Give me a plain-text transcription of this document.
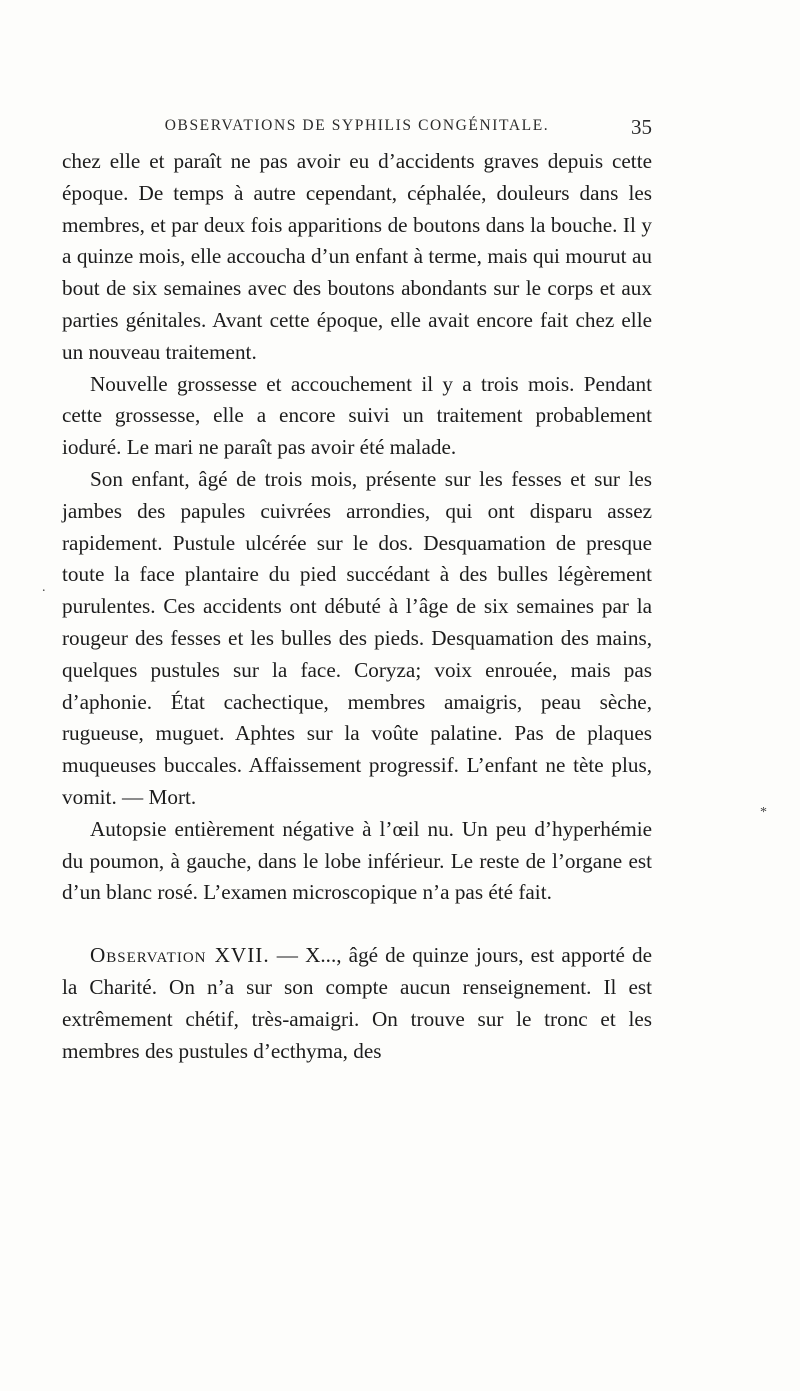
OBSERVATIONS DE SYPHILIS CONGÉNITALE.	35

chez elle et paraît ne pas avoir eu d’accidents graves depuis cette époque. De temps à autre cependant, céphalée, douleurs dans les membres, et par deux fois apparitions de boutons dans la bouche. Il y a quinze mois, elle accoucha d’un enfant à terme, mais qui mourut au bout de six semaines avec des boutons abondants sur le corps et aux parties génitales. Avant cette époque, elle avait encore fait chez elle un nouveau traitement.

Nouvelle grossesse et accouchement il y a trois mois. Pendant cette grossesse, elle a encore suivi un traitement probablement ioduré. Le mari ne paraît pas avoir été malade.

Son enfant, âgé de trois mois, présente sur les fesses et sur les jambes des papules cuivrées arrondies, qui ont disparu assez rapidement. Pustule ulcérée sur le dos. Desquamation de presque toute la face plantaire du pied succédant à des bulles légèrement purulentes. Ces accidents ont débuté à l’âge de six semaines par la rougeur des fesses et les bulles des pieds. Desquamation des mains, quelques pustules sur la face. Coryza; voix enrouée, mais pas d’aphonie. État cachectique, membres amaigris, peau sèche, rugueuse, muguet. Aphtes sur la voûte palatine. Pas de plaques muqueuses buccales. Affaissement progressif. L’enfant ne tète plus, vomit. — Mort.

Autopsie entièrement négative à l’œil nu. Un peu d’hyperhémie du poumon, à gauche, dans le lobe inférieur. Le reste de l’organe est d’un blanc rosé. L’examen microscopique n’a pas été fait.

Observation XVII. — X..., âgé de quinze jours, est apporté de la Charité. On n’a sur son compte aucun renseignement. Il est extrêmement chétif, très-amaigri. On trouve sur le tronc et les membres des pustules d’ecthyma, des

.
*
